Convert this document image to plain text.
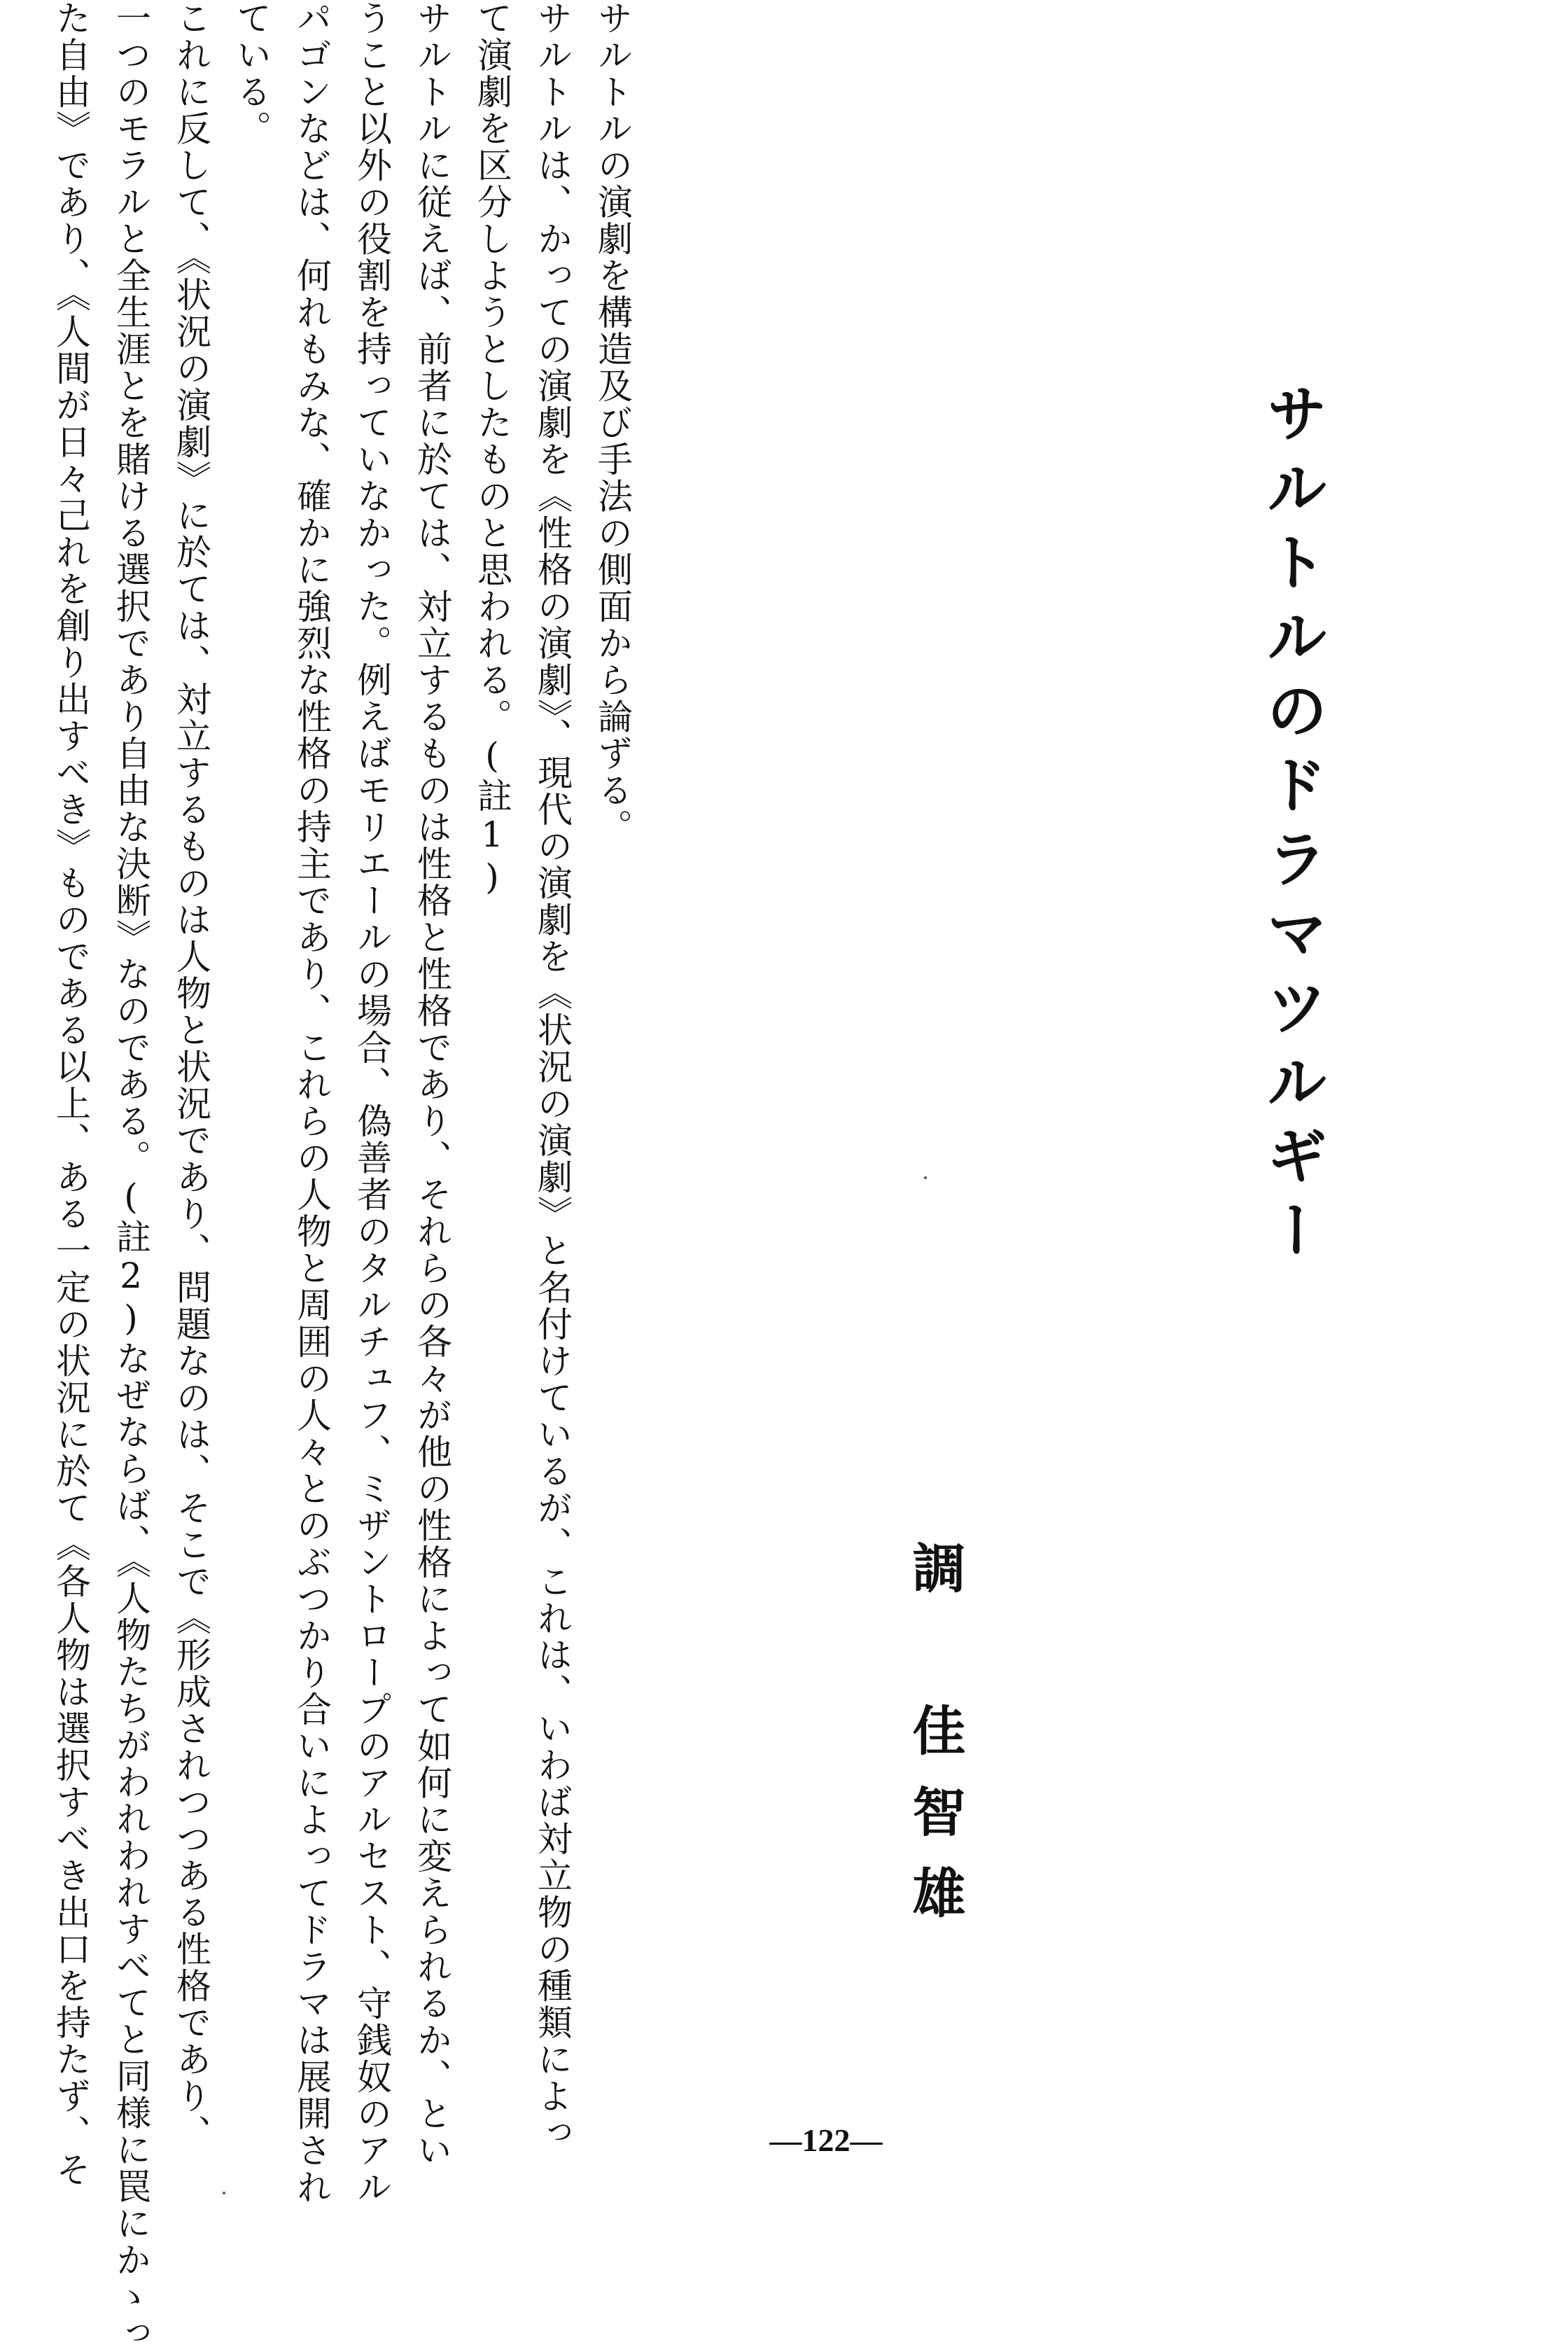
サルトルのドラマツルギー
調　佳智雄
サルトルの演劇を構造及び手法の側面から論ずる。
サルトルは、かっての演劇を《性格の演劇》、現代の演劇を《状況の演劇》と名付けているが、これは、いわば対立物の種類によっ
て演劇を区分しようとしたものと思われる。(註1)
サルトルに従えば、前者に於ては、対立するものは性格と性格であり、それらの各々が他の性格によって如何に変えられるか、とい
うこと以外の役割を持っていなかった。例えばモリエールの場合、偽善者のタルチュフ、ミザントロープのアルセスト、守銭奴のアル
パゴンなどは、何れもみな、確かに強烈な性格の持主であり、これらの人物と周囲の人々とのぶつかり合いによってドラマは展開され
ている。
これに反して、《状況の演劇》に於ては、対立するものは人物と状況であり、問題なのは、そこで《形成されつつある性格であり、
一つのモラルと全生涯とを賭ける選択であり自由な決断》なのである。(註2)なぜならば、《人物たちがわれわれすべてと同様に罠にかゝっ
た自由》であり、《人間が日々己れを創り出すべき》ものである以上、ある一定の状況に於て《各人物は選択すべき出口を持たず、そ	—122—
